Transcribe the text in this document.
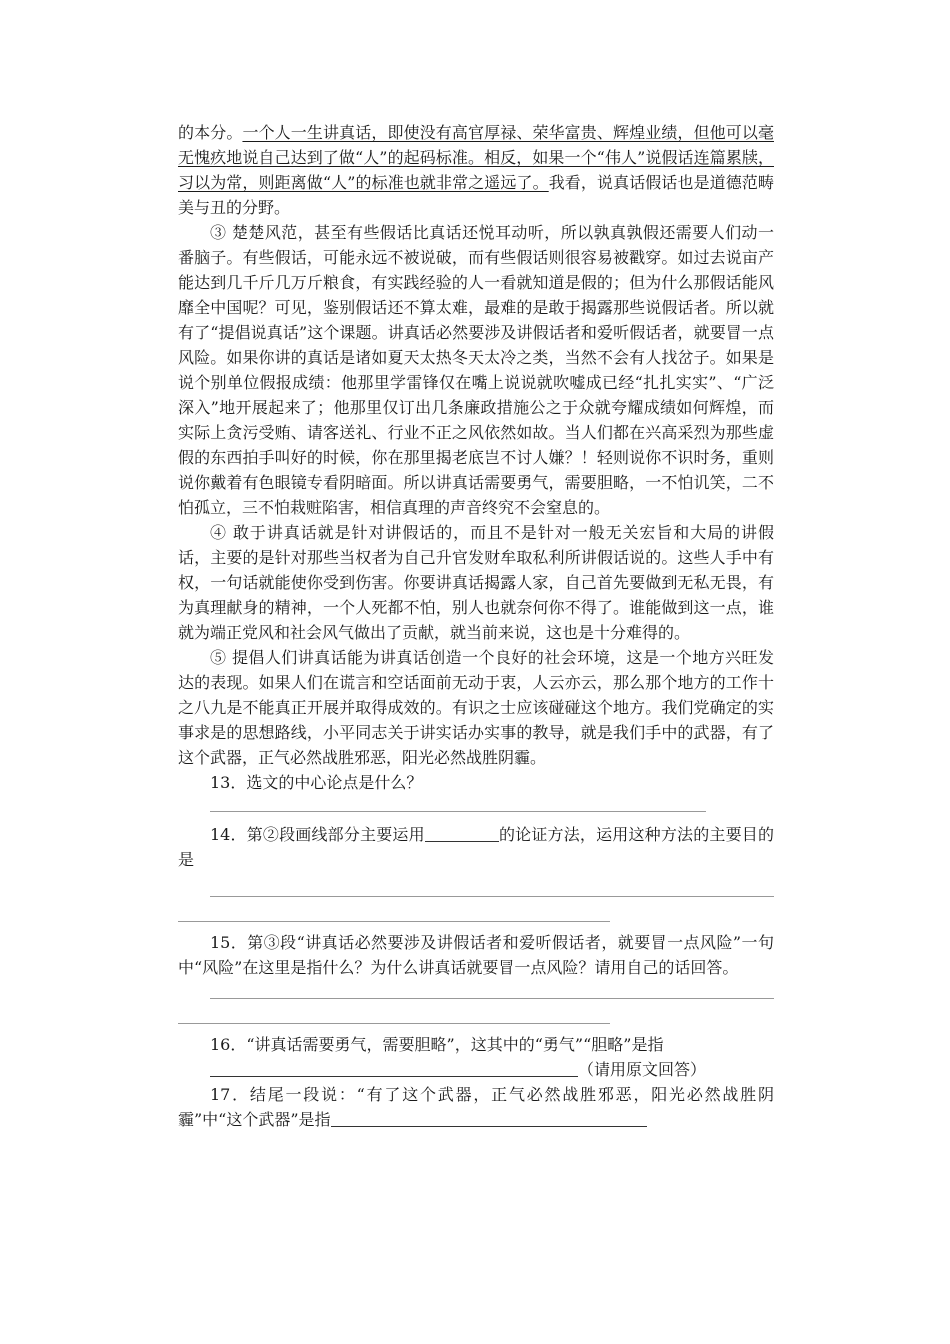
的本分。一个人一生讲真话，即使没有高官厚禄、荣华富贵、辉煌业绩，但他可以毫无愧疚地说自己达到了做“人”的起码标准。相反，如果一个“伟人”说假话连篇累牍，习以为常，则距离做“人”的标准也就非常之遥远了。我看，说真话假话也是道德范畴美与丑的分野。

③ 楚楚风范，甚至有些假话比真话还悦耳动听，所以孰真孰假还需要人们动一番脑子。有些假话，可能永远不被说破，而有些假话则很容易被戳穿。如过去说亩产能达到几千斤几万斤粮食，有实践经验的人一看就知道是假的；但为什么那假话能风靡全中国呢？可见，鉴别假话还不算太难，最难的是敢于揭露那些说假话者。所以就有了“提倡说真话”这个课题。讲真话必然要涉及讲假话者和爱听假话者，就要冒一点风险。如果你讲的真话是诸如夏天太热冬天太冷之类，当然不会有人找岔子。如果是说个别单位假报成绩：他那里学雷锋仅在嘴上说说就吹嘘成已经“扎扎实实”、“广泛深入”地开展起来了；他那里仅订出几条廉政措施公之于众就夸耀成绩如何辉煌，而实际上贪污受贿、请客送礼、行业不正之风依然如故。当人们都在兴高采烈为那些虚假的东西拍手叫好的时候，你在那里揭老底岂不讨人嫌？！轻则说你不识时务，重则说你戴着有色眼镜专看阴暗面。所以讲真话需要勇气，需要胆略，一不怕讥笑，二不怕孤立，三不怕栽赃陷害，相信真理的声音终究不会窒息的。

④ 敢于讲真话就是针对讲假话的，而且不是针对一般无关宏旨和大局的讲假话，主要的是针对那些当权者为自己升官发财牟取私利所讲假话说的。这些人手中有权，一句话就能使你受到伤害。你要讲真话揭露人家，自己首先要做到无私无畏，有为真理献身的精神，一个人死都不怕，别人也就奈何你不得了。谁能做到这一点，谁就为端正党风和社会风气做出了贡献，就当前来说，这也是十分难得的。

⑤ 提倡人们讲真话能为讲真话创造一个良好的社会环境，这是一个地方兴旺发达的表现。如果人们在谎言和空话面前无动于衷，人云亦云，那么那个地方的工作十之八九是不能真正开展并取得成效的。有识之士应该碰碰这个地方。我们党确定的实事求是的思想路线，小平同志关于讲实话办实事的教导，就是我们手中的武器，有了这个武器，正气必然战胜邪恶，阳光必然战胜阴霾。

13．选文的中心论点是什么？

14．第②段画线部分主要运用	的论证方法，运用这种方法的主要目的是

15．第③段“讲真话必然要涉及讲假话者和爱听假话者，就要冒一点风险”一句中“风险”在这里是指什么？为什么讲真话就要冒一点风险？请用自己的话回答。

16．“讲真话需要勇气，需要胆略”，这其中的“勇气”“胆略”是指

（请用原文回答）

17．结尾一段说：“有了这个武器，正气必然战胜邪恶，阳光必然战胜阴霾”中“这个武器”是指
